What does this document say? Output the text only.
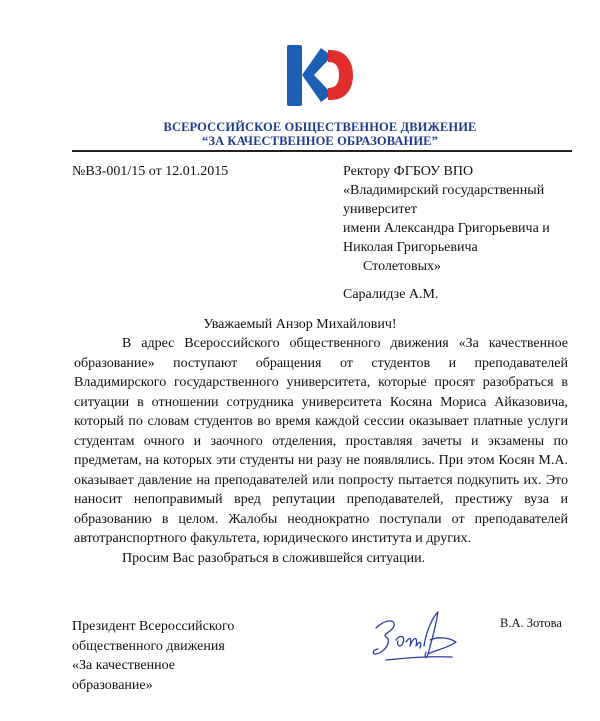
ВСЕРОССИЙСКОЕ ОБЩЕСТВЕННОЕ ДВИЖЕНИЕ
“ЗА КАЧЕСТВЕННОЕ ОБРАЗОВАНИЕ”
№ВЗ-001/15 от 12.01.2015	Ректору ФГБОУ ВПО
«Владимирский государственный
университет
имени Александра Григорьевича и
Николая Григорьевича
Столетовых»
Саралидзе А.М.
Уважаемый Анзор Михайлович!

В адрес Всероссийского общественного движения «За качественное образование» поступают обращения от студентов и преподавателей Владимирского государственного университета, которые просят разобраться в ситуации в отношении сотрудника университета Косяна Мориса Айказовича, который по словам студентов во время каждой сессии оказывает платные услуги студентам очного и заочного отделения, проставляя зачеты и экзамены по предметам, на которых эти студенты ни разу не появлялись. При этом Косян М.А. оказывает давление на преподавателей или попросту пытается подкупить их. Это наносит непоправимый вред репутации преподавателей, престижу вуза и образованию в целом. Жалобы неоднократно поступали от преподавателей автотранспортного факультета, юридического института и других.

Просим Вас разобраться в сложившейся ситуации.

Президент Всероссийского
общественного движения
«За качественное
образование»
В.А. Зотова
